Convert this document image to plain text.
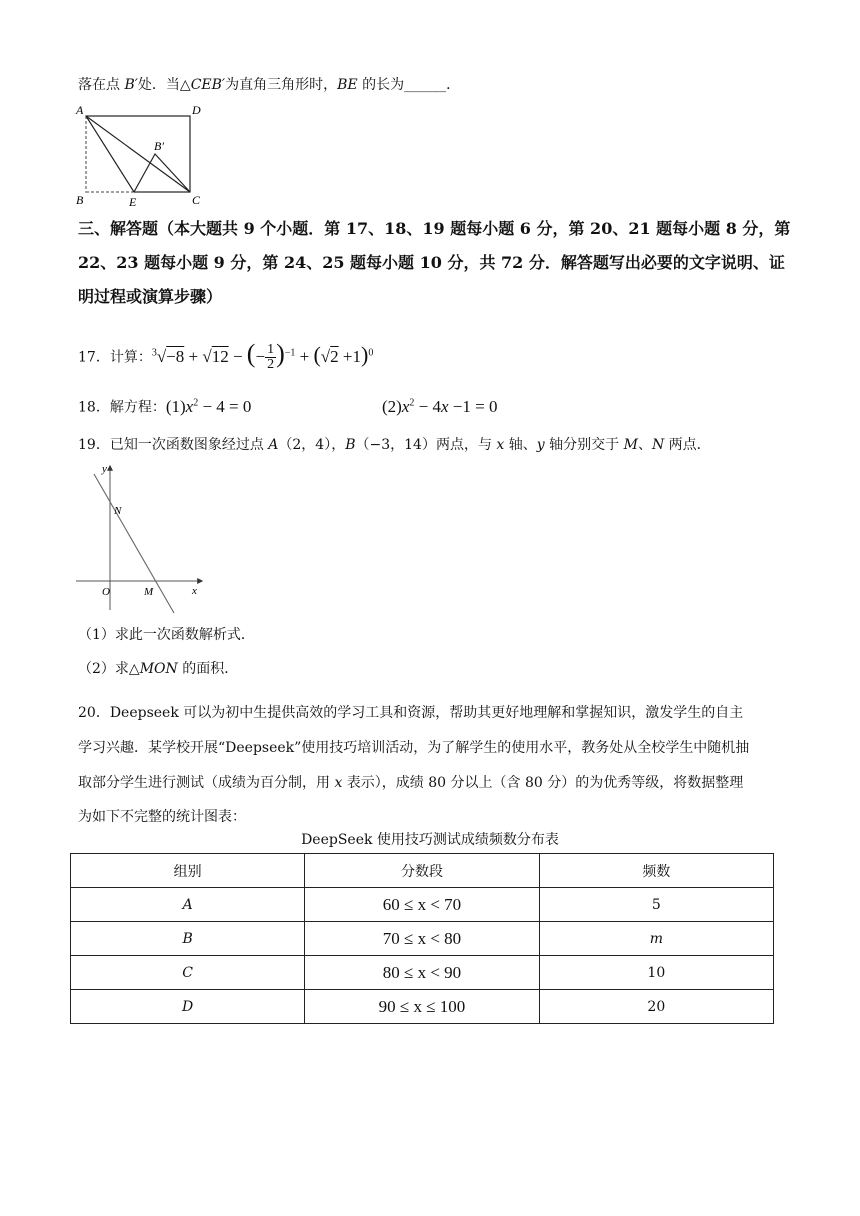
落在点 B′处．当△CEB′为直角三角形时，BE 的长为______．
A	D
B	E	C
B′
三、解答题（本大题共 9 个小题．第 17、18、19 题每小题 6 分，第 20、21 题每小题 8 分，第
22、23 题每小题 9 分，第 24、25 题每小题 10 分，共 72 分．解答题写出必要的文字说明、证
明过程或演算步骤）
17．计算：$^3$√−8 + √12 − (− $\frac{1}{2} )^{-1} + (√2 +1)^0$
18．解方程：$(1)x^2 - 4 = 0$	$(2)x^2 - 4x -1 = 0$
19．已知一次函数图象经过点 A（2，4），B（−3，14）两点，与 x 轴、y 轴分别交于 M、N 两点．
y
N
O	M	x
（1）求此一次函数解析式．
（2）求△MON 的面积．
20．Deepseek 可以为初中生提供高效的学习工具和资源，帮助其更好地理解和掌握知识，激发学生的自主
学习兴趣．某学校开展“Deepseek”使用技巧培训活动，为了解学生的使用水平，教务处从全校学生中随机抽
取部分学生进行测试（成绩为百分制，用 x 表示），成绩 80 分以上（含 80 分）的为优秀等级，将数据整理
为如下不完整的统计图表：
DeepSeek 使用技巧测试成绩频数分布表
组别	分数段	频数
A	60 ≤ x < 70	5
B	70 ≤ x < 80	m
C	80 ≤ x < 90	10
D	90 ≤ x ≤ 100	20
